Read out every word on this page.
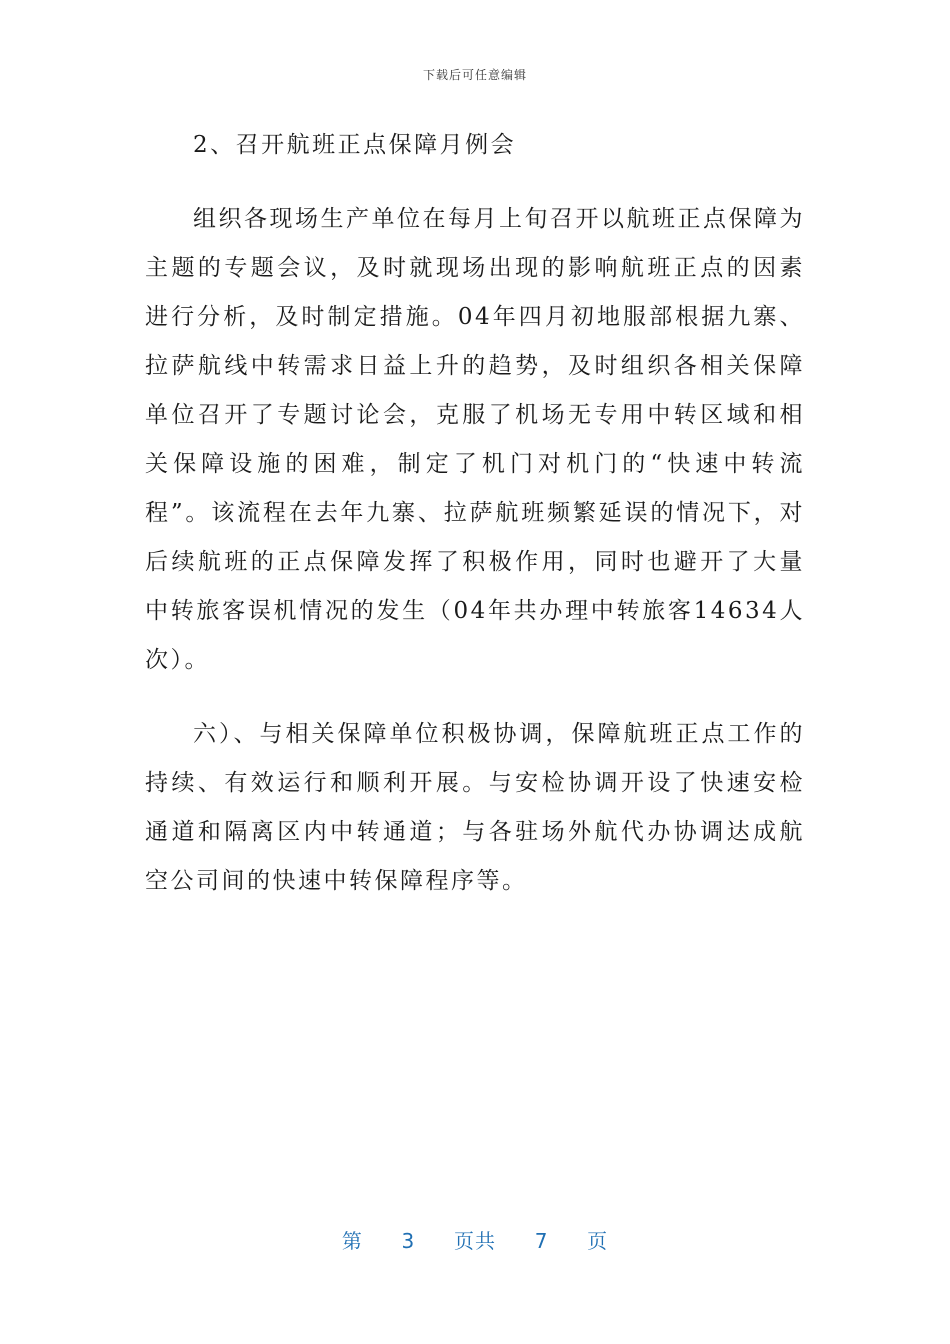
下载后可任意编辑

2、召开航班正点保障月例会

组织各现场生产单位在每月上旬召开以航班正点保障为主题的专题会议，及时就现场出现的影响航班正点的因素进行分析，及时制定措施。04年四月初地服部根据九寨、拉萨航线中转需求日益上升的趋势，及时组织各相关保障单位召开了专题讨论会，克服了机场无专用中转区域和相关保障设施的困难，制定了机门对机门的“快速中转流程”。该流程在去年九寨、拉萨航班频繁延误的情况下，对后续航班的正点保障发挥了积极作用，同时也避开了大量中转旅客误机情况的发生（04年共办理中转旅客14634人次）。

六）、与相关保障单位积极协调，保障航班正点工作的持续、有效运行和顺利开展。与安检协调开设了快速安检通道和隔离区内中转通道；与各驻场外航代办协调达成航空公司间的快速中转保障程序等。

第 3 页共 7 页
